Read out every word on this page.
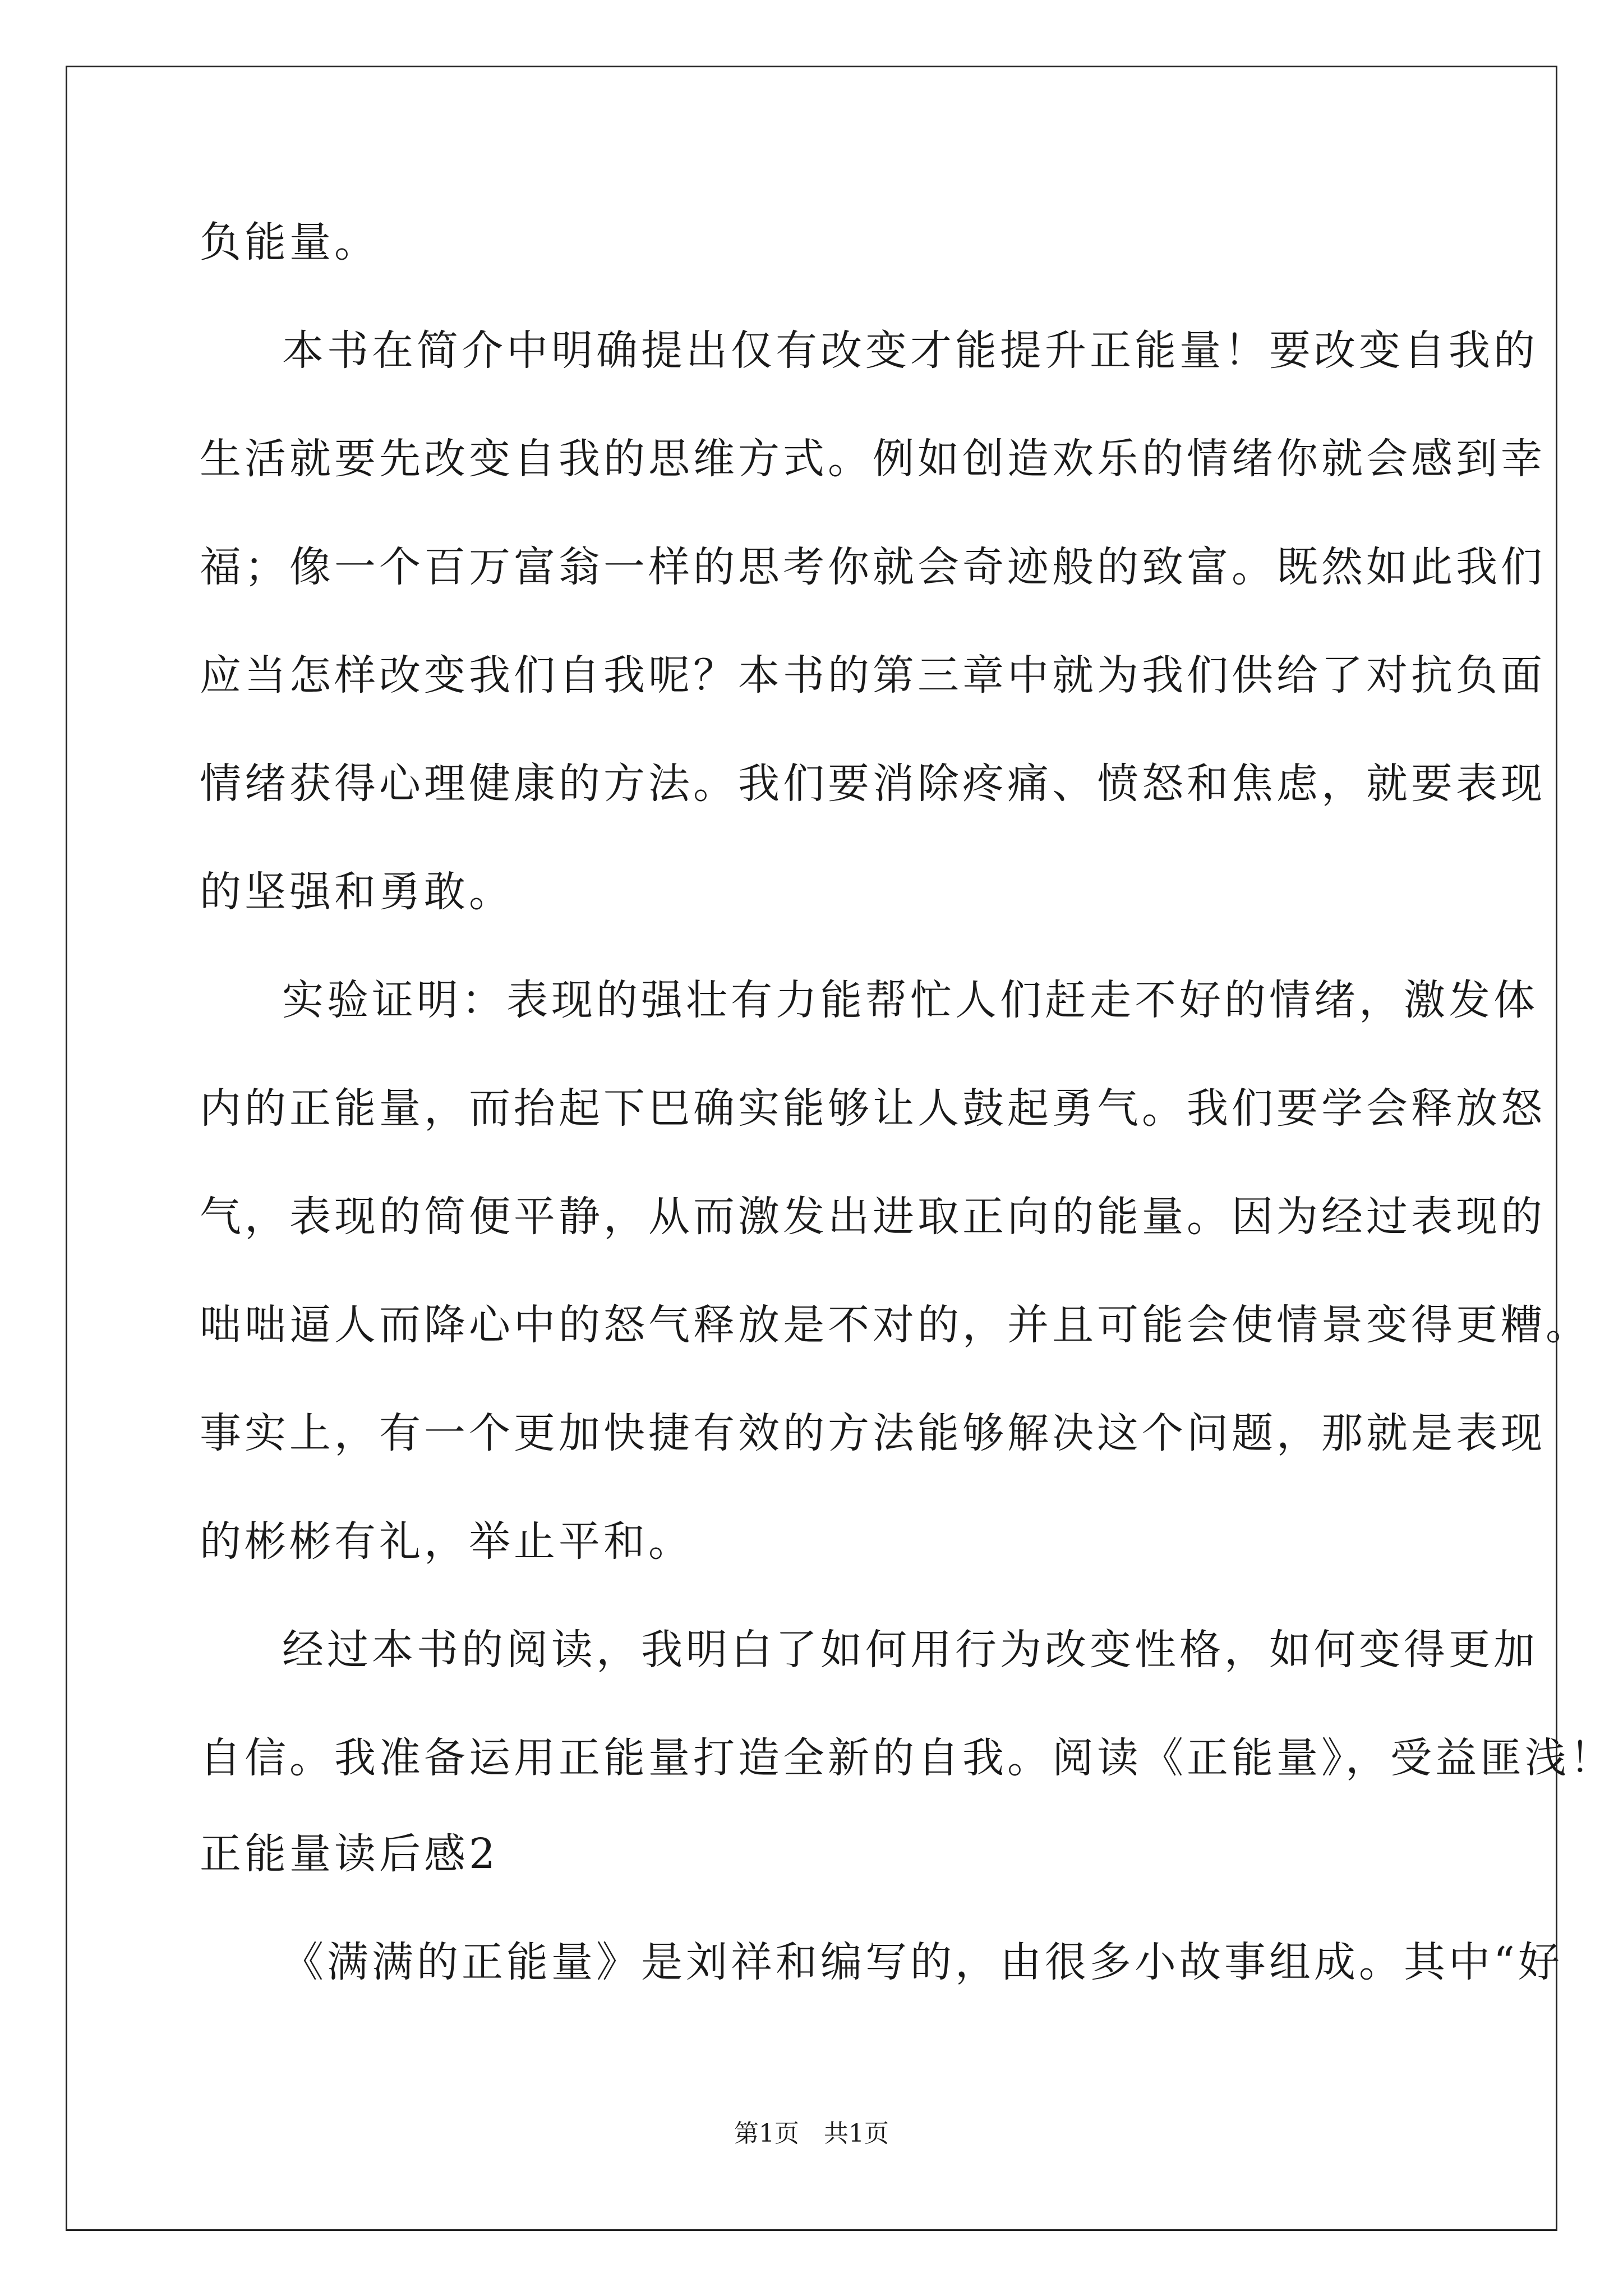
负能量。
本书在简介中明确提出仅有改变才能提升正能量！要改变自我的
生活就要先改变自我的思维方式。例如创造欢乐的情绪你就会感到幸
福；像一个百万富翁一样的思考你就会奇迹般的致富。既然如此我们
应当怎样改变我们自我呢？本书的第三章中就为我们供给了对抗负面
情绪获得心理健康的方法。我们要消除疼痛、愤怒和焦虑，就要表现
的坚强和勇敢。
实验证明：表现的强壮有力能帮忙人们赶走不好的情绪，激发体
内的正能量，而抬起下巴确实能够让人鼓起勇气。我们要学会释放怒
气，表现的简便平静，从而激发出进取正向的能量。因为经过表现的
咄咄逼人而降心中的怒气释放是不对的，并且可能会使情景变得更糟。
事实上，有一个更加快捷有效的方法能够解决这个问题，那就是表现
的彬彬有礼，举止平和。
经过本书的阅读，我明白了如何用行为改变性格，如何变得更加
自信。我准备运用正能量打造全新的自我。阅读《正能量》，受益匪浅！
正能量读后感2
《满满的正能量》是刘祥和编写的，由很多小故事组成。其中“好
第1页　共1页
